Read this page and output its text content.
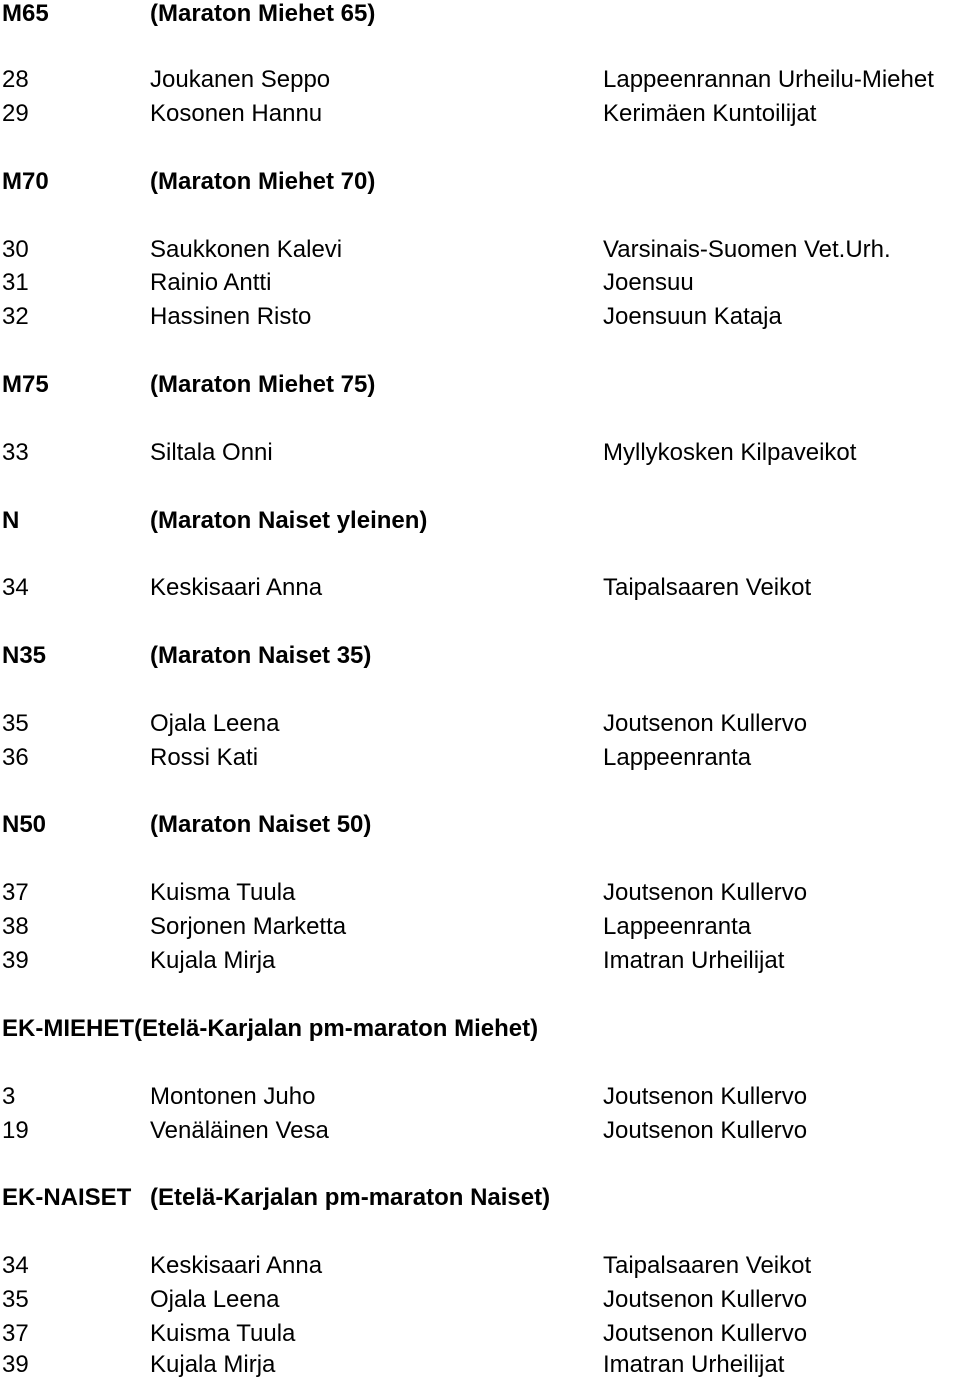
M65	(Maraton Miehet 65)
28	Joukanen Seppo	Lappeenrannan Urheilu-Miehet
29	Kosonen Hannu	Kerimäen Kuntoilijat
M70	(Maraton Miehet 70)
30	Saukkonen Kalevi	Varsinais-Suomen Vet.Urh.
31	Rainio Antti	Joensuu
32	Hassinen Risto	Joensuun Kataja
M75	(Maraton Miehet 75)
33	Siltala Onni	Myllykosken Kilpaveikot
N	(Maraton Naiset yleinen)
34	Keskisaari Anna	Taipalsaaren Veikot
N35	(Maraton Naiset 35)
35	Ojala Leena	Joutsenon Kullervo
36	Rossi Kati	Lappeenranta
N50	(Maraton Naiset 50)
37	Kuisma Tuula	Joutsenon Kullervo
38	Sorjonen Marketta	Lappeenranta
39	Kujala Mirja	Imatran Urheilijat
EK-MIEHET(Etelä-Karjalan pm-maraton Miehet)
3	Montonen Juho	Joutsenon Kullervo
19	Venäläinen Vesa	Joutsenon Kullervo
EK-NAISET (Etelä-Karjalan pm-maraton Naiset)
34	Keskisaari Anna	Taipalsaaren Veikot
35	Ojala Leena	Joutsenon Kullervo
37	Kuisma Tuula	Joutsenon Kullervo
39	Kujala Mirja	Imatran Urheilijat
